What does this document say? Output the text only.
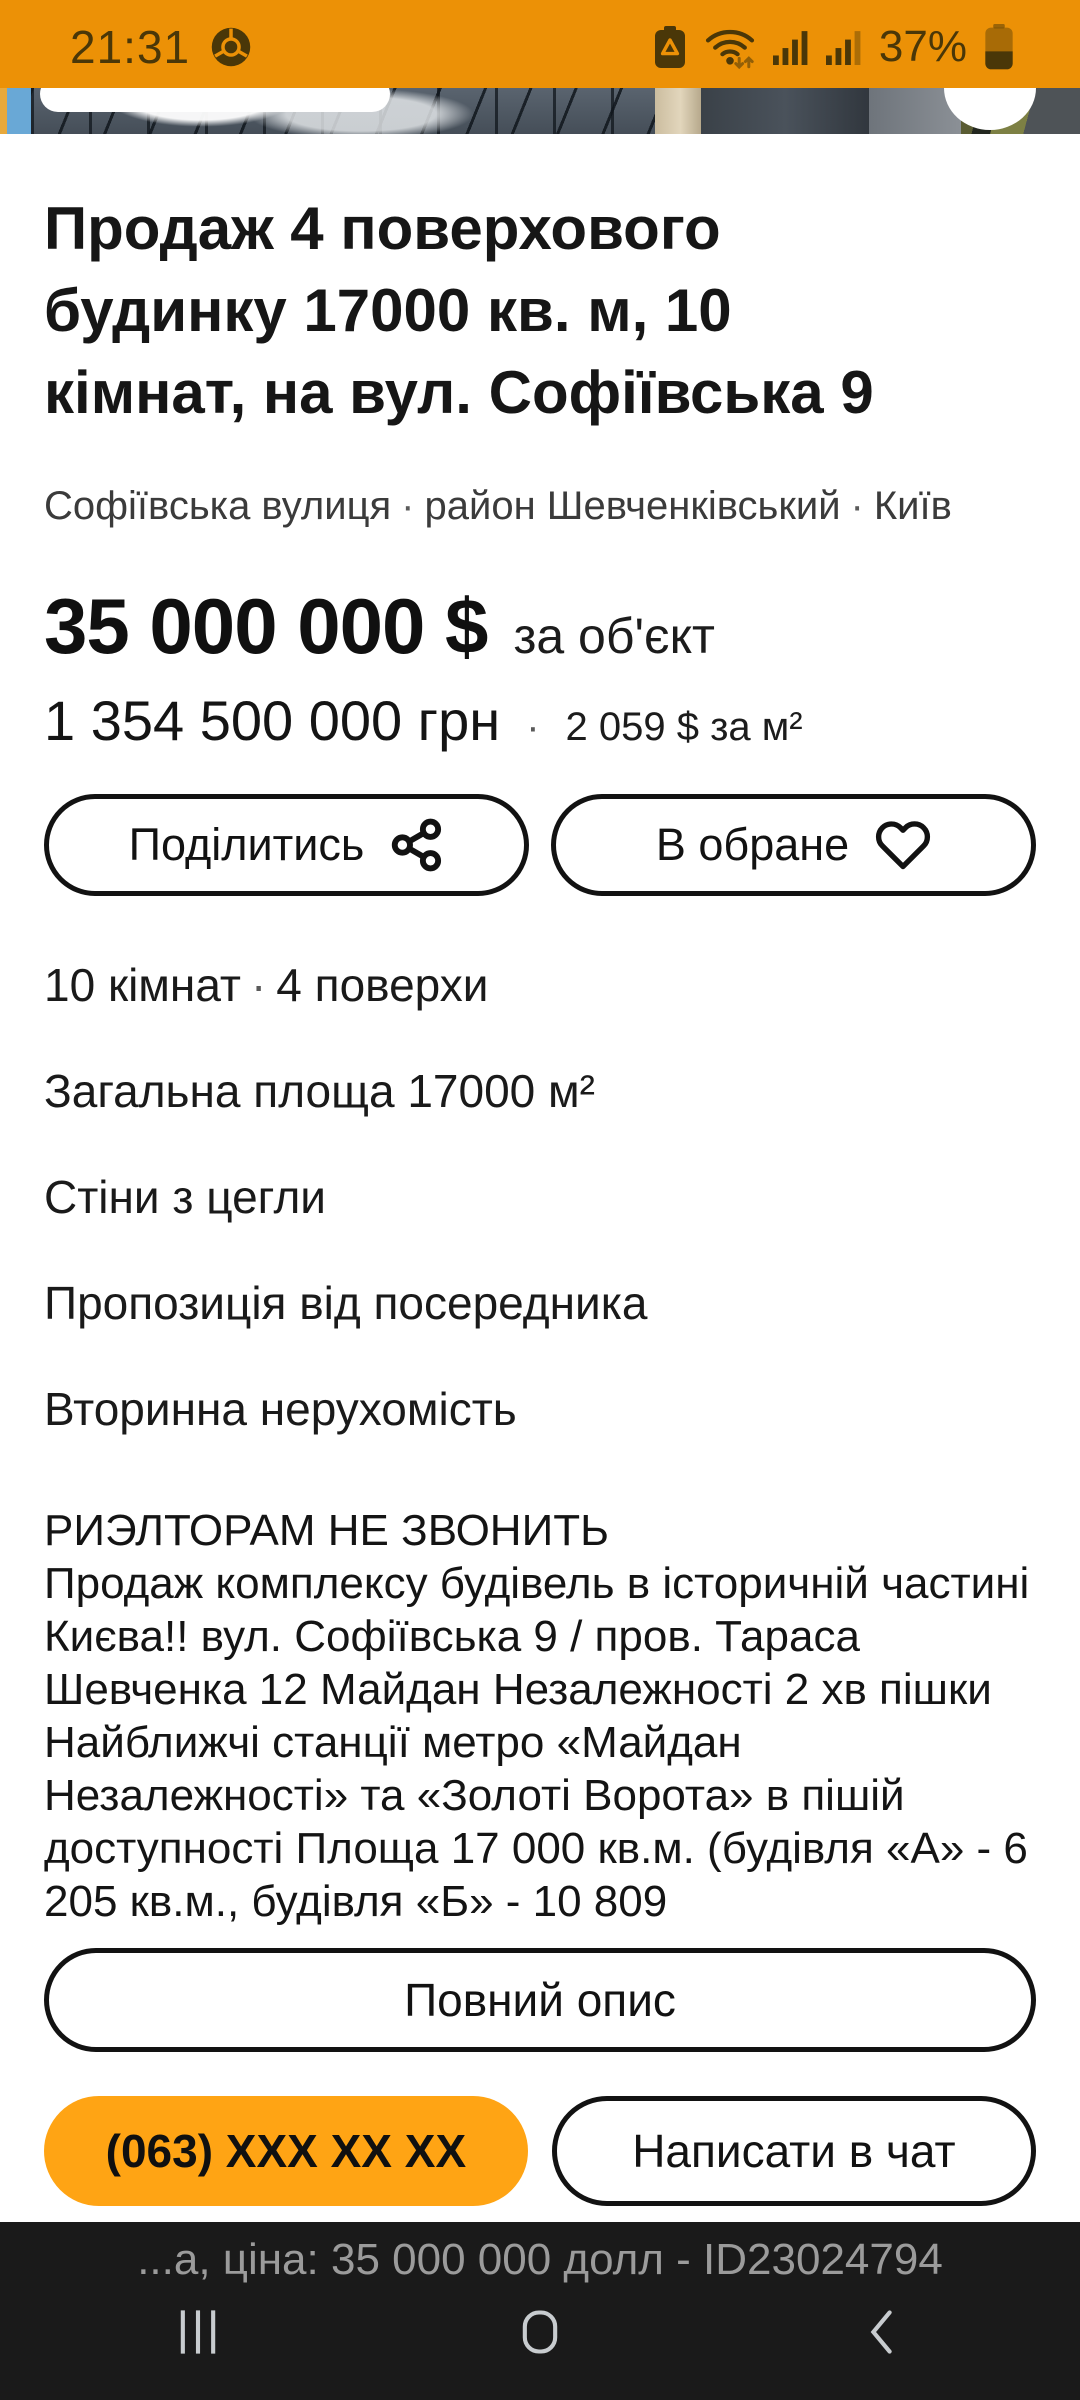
21:31	37%
Продаж 4 поверхового будинку 17000 кв. м, 10 кімнат, на вул. Софіївська 9
Софіївська вулиця · район Шевченківський · Київ
35 000 000 $ за об'єкт
1 354 500 000 грн · 2 059 $ за м²
Поділитись	В обране
10 кімнат · 4 поверхи
Загальна площа 17000 м²
Стіни з цегли
Пропозиція від посередника
Вторинна нерухомість
РИЭЛТОРАМ НЕ ЗВОНИТЬ
Продаж комплексу будівель в історичній частині Києва!! вул. Софіївська 9 / пров. Тараса Шевченка 12 Майдан Незалежності 2 хв пішки Найближчі станції метро «Майдан Незалежності» та «Золоті Ворота» в пішій доступності Площа 17 000 кв.м. (будівля «А» - 6 205 кв.м., будівля «Б» - 10 809
Повний опис
(063) XXX XX XX	Написати в чат
...а, ціна: 35 000 000 долл - ID23024794
